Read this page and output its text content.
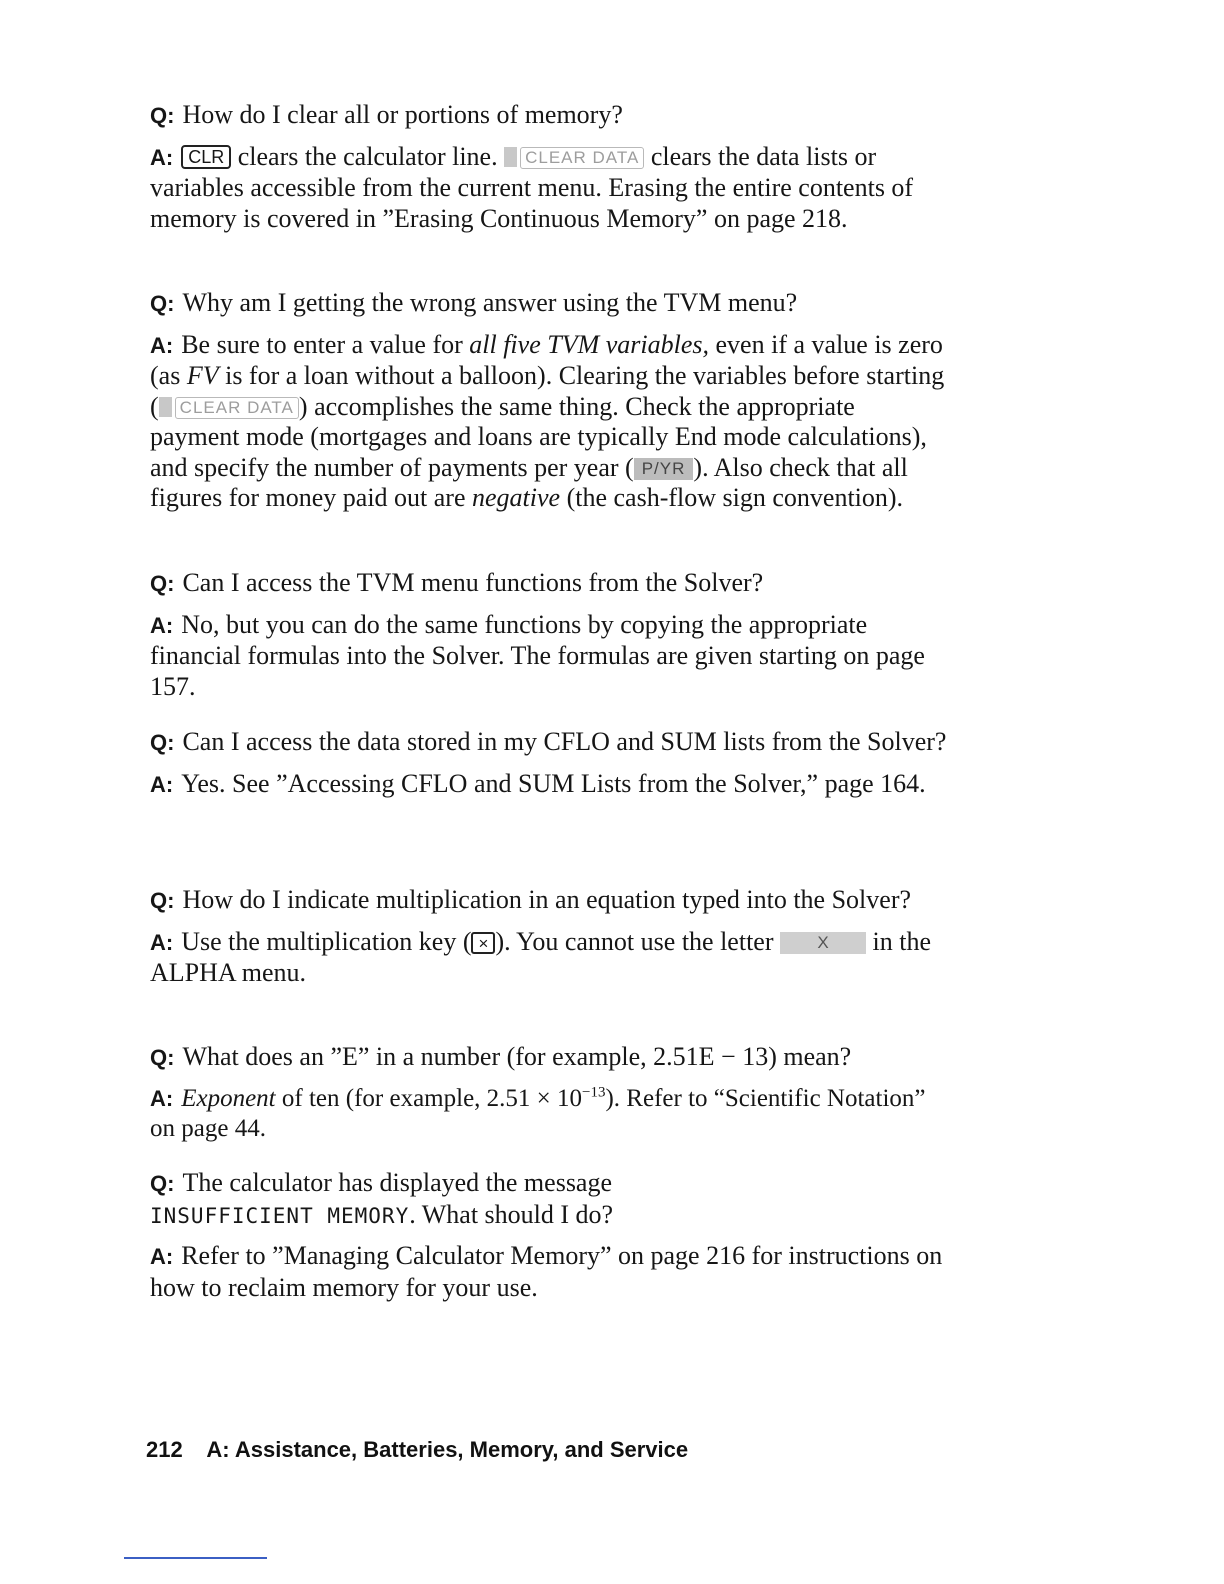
Q: How do I clear all or portions of memory?

A: CLR clears the calculator line. CLEAR DATA clears the data lists or variables accessible from the current menu. Erasing the entire contents of memory is covered in ”Erasing Continuous Memory” on page 218.

Q: Why am I getting the wrong answer using the TVM menu?

A: Be sure to enter a value for all five TVM variables, even if a value is zero (as FV is for a loan without a balloon). Clearing the variables before starting ( CLEAR DATA ) accomplishes the same thing. Check the appropriate payment mode (mortgages and loans are typically End mode calculations), and specify the number of payments per year ( P/YR ). Also check that all figures for money paid out are negative (the cash-flow sign convention).

Q: Can I access the TVM menu functions from the Solver?

A: No, but you can do the same functions by copying the appropriate financial formulas into the Solver. The formulas are given starting on page 157.

Q: Can I access the data stored in my CFLO and SUM lists from the Solver?

A: Yes. See ”Accessing CFLO and SUM Lists from the Solver,” page 164.

Q: How do I indicate multiplication in an equation typed into the Solver?

A: Use the multiplication key ( × ). You cannot use the letter	X in the ALPHA menu.

Q: What does an ”E” in a number (for example, 2.51E − 13) mean?

A: Exponent of ten (for example, $2.51 \times 10^{-13}$). Refer to “Scientific Notation” on page 44.

Q: The calculator has displayed the message
INSUFFICIENT MEMORY. What should I do?

A: Refer to ”Managing Calculator Memory” on page 216 for instructions on how to reclaim memory for your use.

212 A: Assistance, Batteries, Memory, and Service
